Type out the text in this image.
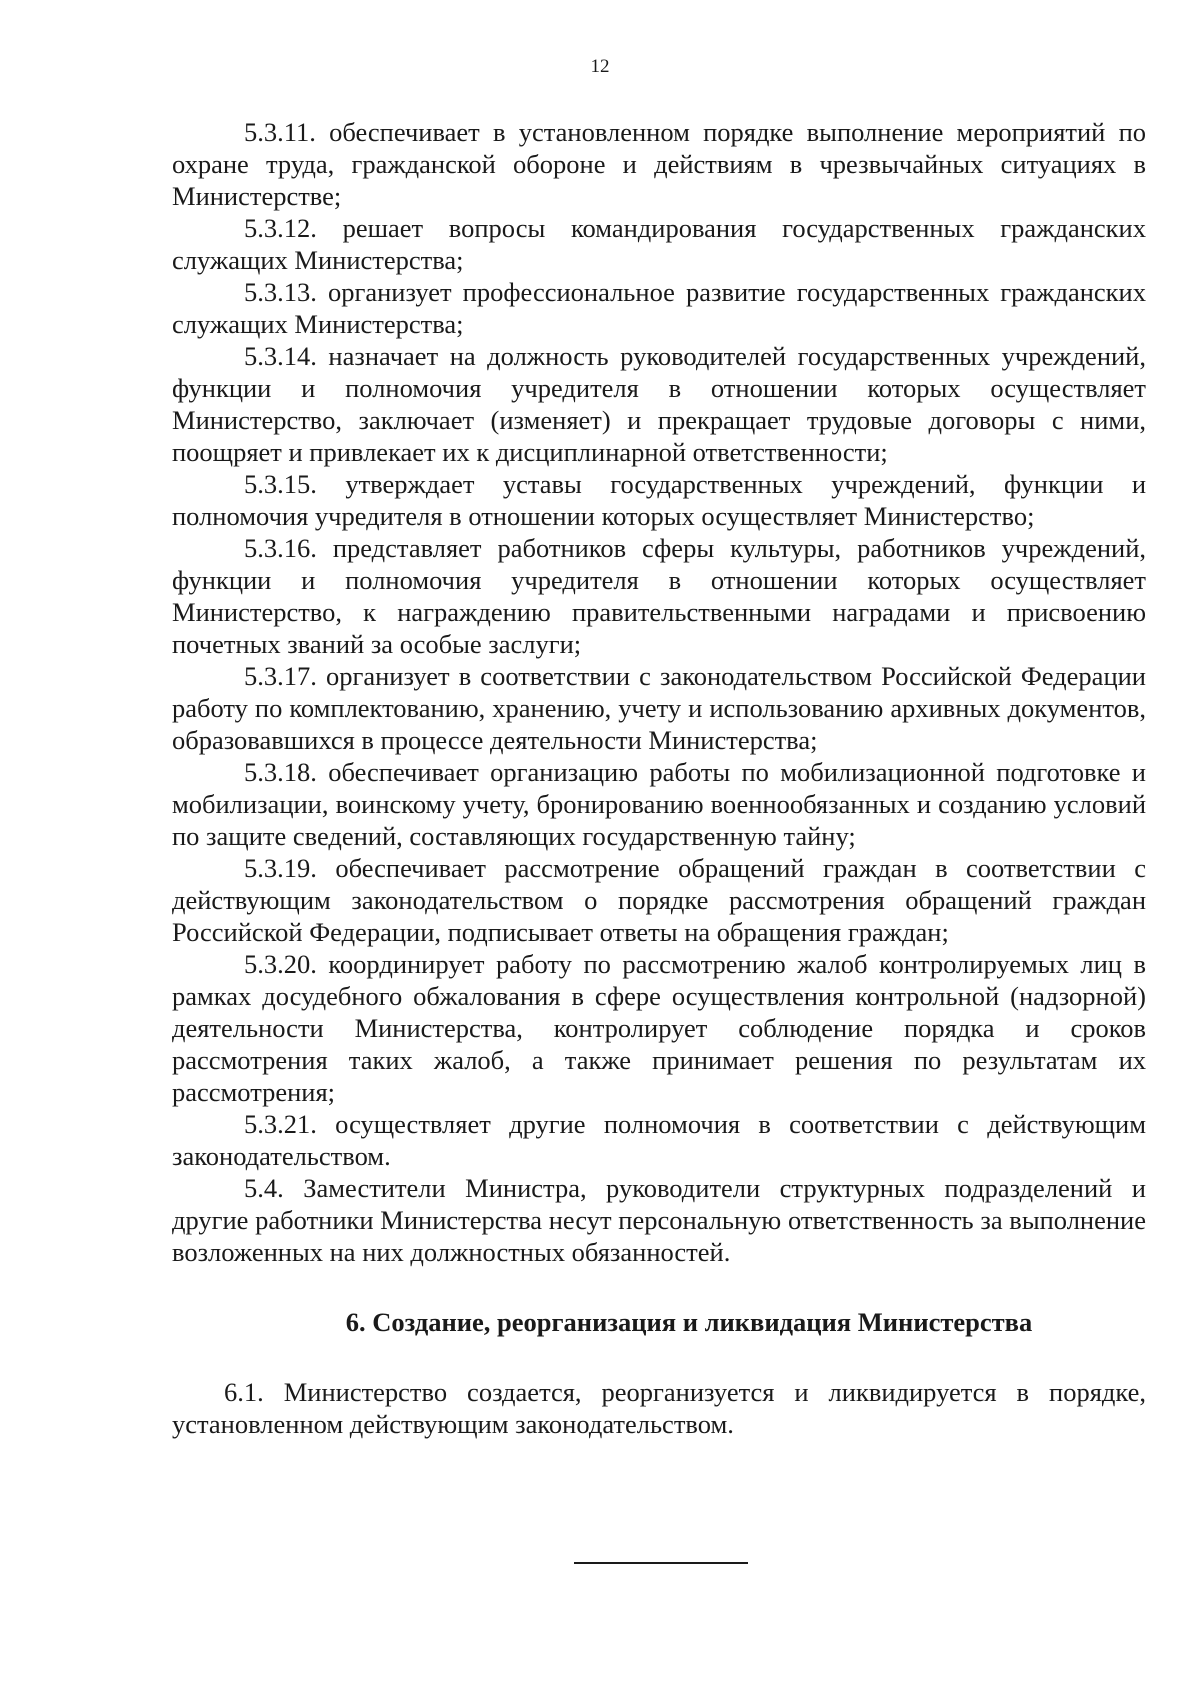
12

5.3.11. обеспечивает в установленном порядке выполнение мероприятий по охране труда, гражданской обороне и действиям в чрезвычайных ситуациях в Министерстве;

5.3.12. решает вопросы командирования государственных гражданских служащих Министерства;

5.3.13. организует профессиональное развитие государственных гражданских служащих Министерства;

5.3.14. назначает на должность руководителей государственных учреждений, функции и полномочия учредителя в отношении которых осуществляет Министерство, заключает (изменяет) и прекращает трудовые договоры с ними, поощряет и привлекает их к дисциплинарной ответственности;

5.3.15. утверждает уставы государственных учреждений, функции и полномочия учредителя в отношении которых осуществляет Министерство;

5.3.16. представляет работников сферы культуры, работников учреждений, функции и полномочия учредителя в отношении которых осуществляет Министерство, к награждению правительственными наградами и присвоению почетных званий за особые заслуги;

5.3.17. организует в соответствии с законодательством Российской Федерации работу по комплектованию, хранению, учету и использованию архивных документов, образовавшихся в процессе деятельности Министерства;

5.3.18. обеспечивает организацию работы по мобилизационной подготовке и мобилизации, воинскому учету, бронированию военнообязанных и созданию условий по защите сведений, составляющих государственную тайну;

5.3.19. обеспечивает рассмотрение обращений граждан в соответствии с действующим законодательством о порядке рассмотрения обращений граждан Российской Федерации, подписывает ответы на обращения граждан;

5.3.20. координирует работу по рассмотрению жалоб контролируемых лиц в рамках досудебного обжалования в сфере осуществления контрольной (надзорной) деятельности Министерства, контролирует соблюдение порядка и сроков рассмотрения таких жалоб, а также принимает решения по результатам их рассмотрения;

5.3.21. осуществляет другие полномочия в соответствии с действующим законодательством.

5.4. Заместители Министра, руководители структурных подразделений и другие работники Министерства несут персональную ответственность за выполнение возложенных на них должностных обязанностей.

6. Создание, реорганизация и ликвидация Министерства

6.1. Министерство создается, реорганизуется и ликвидируется в порядке, установленном действующим законодательством.
